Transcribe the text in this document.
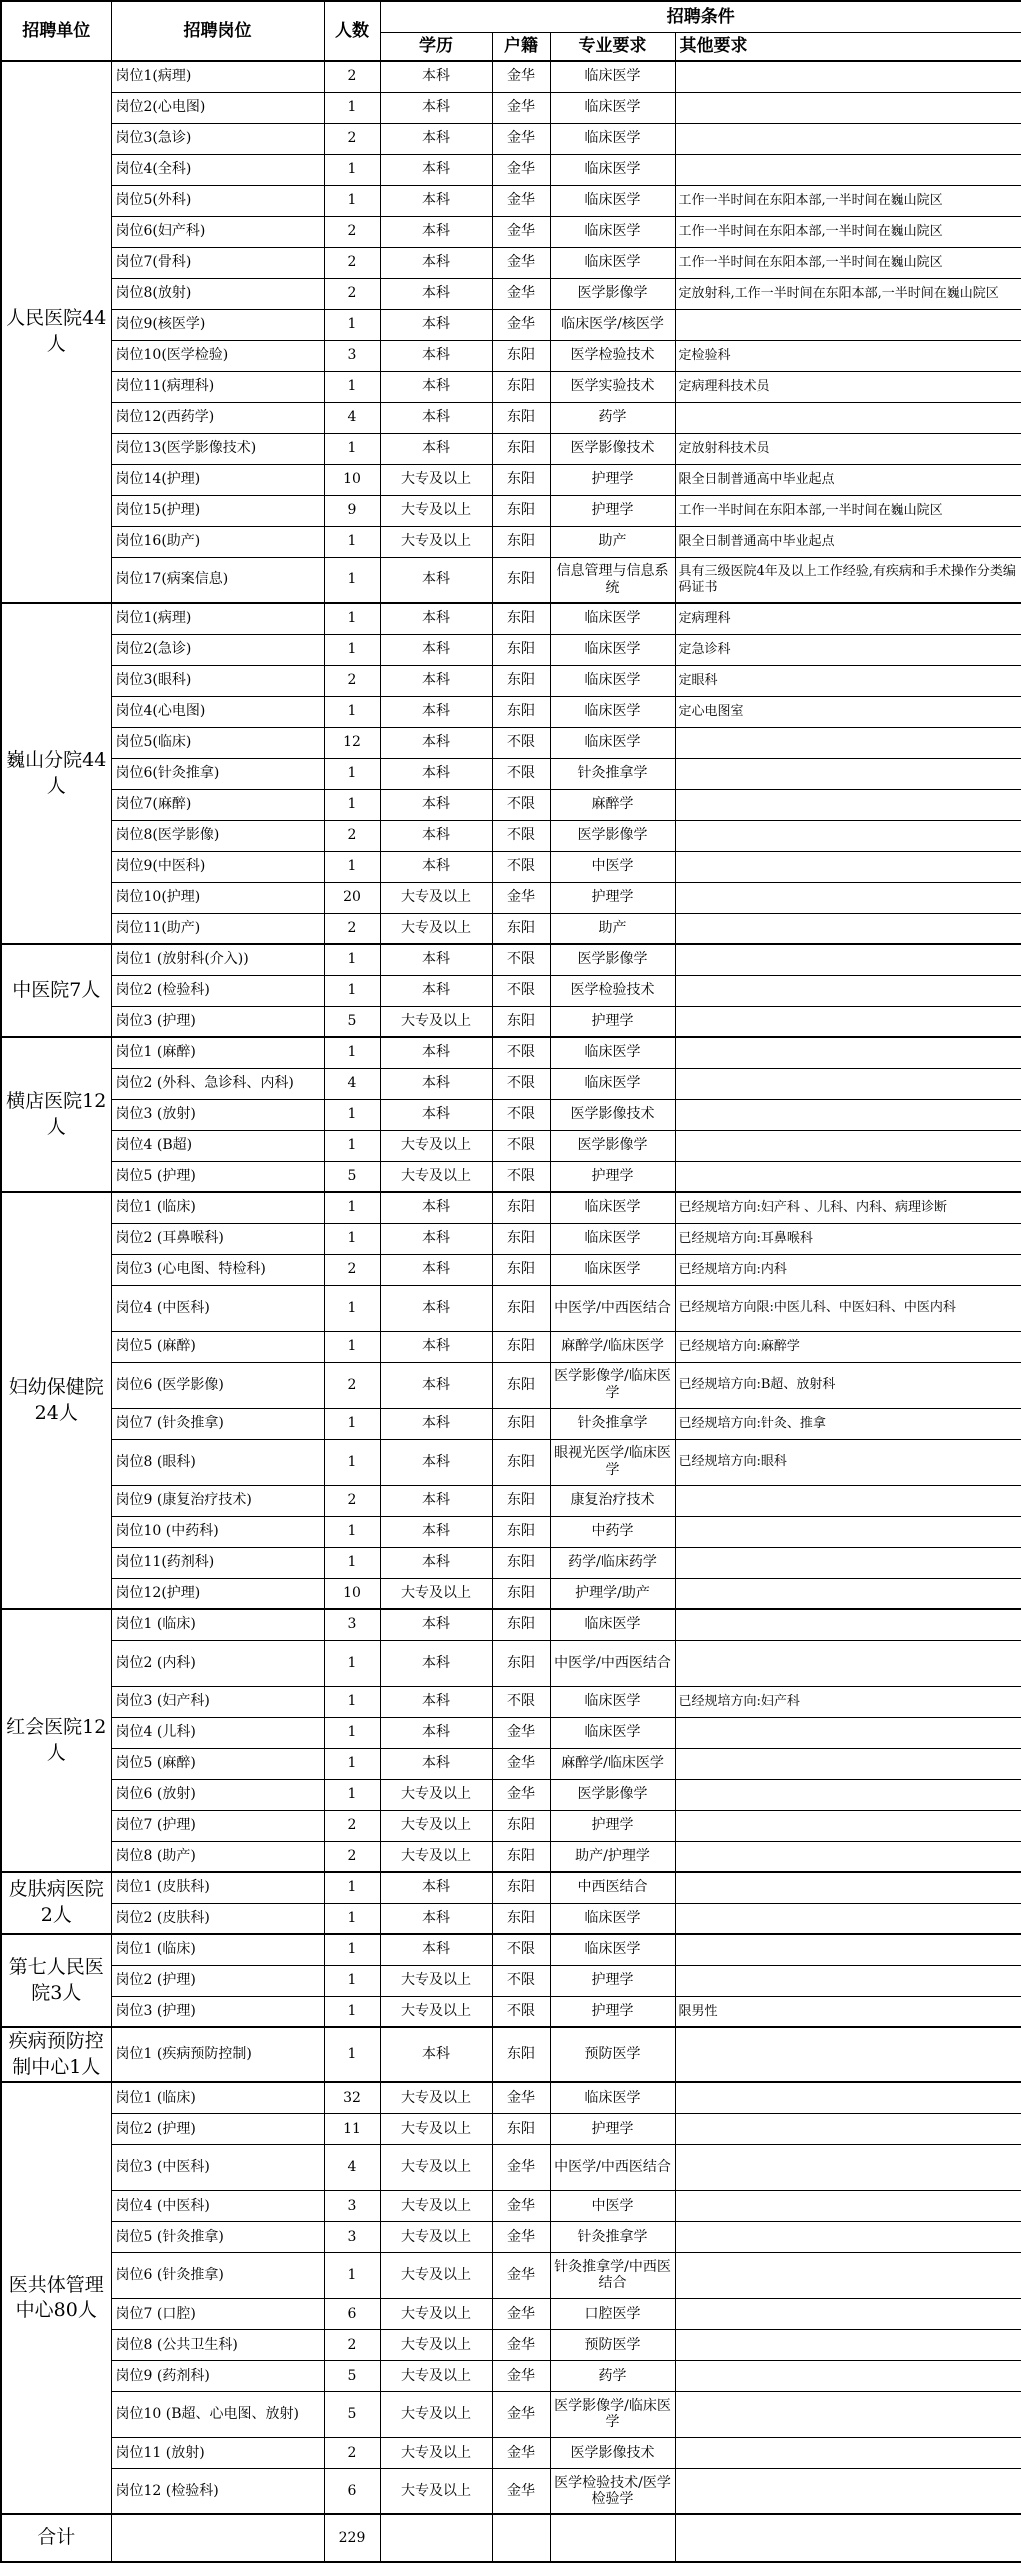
招聘单位	招聘岗位	人数	招聘条件			
			学历	户籍	专业要求	其他要求
人民医院44人	岗位1(病理)	2	本科	金华	临床医学	
	岗位2(心电图)	1	本科	金华	临床医学	
	岗位3(急诊)	2	本科	金华	临床医学	
	岗位4(全科)	1	本科	金华	临床医学	
	岗位5(外科)	1	本科	金华	临床医学	工作一半时间在东阳本部,一半时间在巍山院区
	岗位6(妇产科)	2	本科	金华	临床医学	工作一半时间在东阳本部,一半时间在巍山院区
	岗位7(骨科)	2	本科	金华	临床医学	工作一半时间在东阳本部,一半时间在巍山院区
	岗位8(放射)	2	本科	金华	医学影像学	定放射科,工作一半时间在东阳本部,一半时间在巍山院区
	岗位9(核医学)	1	本科	金华	临床医学/核医学	
	岗位10(医学检验)	3	本科	东阳	医学检验技术	定检验科
	岗位11(病理科)	1	本科	东阳	医学实验技术	定病理科技术员
	岗位12(西药学)	4	本科	东阳	药学	
	岗位13(医学影像技术)	1	本科	东阳	医学影像技术	定放射科技术员
	岗位14(护理)	10	大专及以上	东阳	护理学	限全日制普通高中毕业起点
	岗位15(护理)	9	大专及以上	东阳	护理学	工作一半时间在东阳本部,一半时间在巍山院区
	岗位16(助产)	1	大专及以上	东阳	助产	限全日制普通高中毕业起点
	岗位17(病案信息)	1	本科	东阳	信息管理与信息系统	具有三级医院4年及以上工作经验,有疾病和手术操作分类编码证书
巍山分院44人	岗位1(病理)	1	本科	东阳	临床医学	定病理科
	岗位2(急诊)	1	本科	东阳	临床医学	定急诊科
	岗位3(眼科)	2	本科	东阳	临床医学	定眼科
	岗位4(心电图)	1	本科	东阳	临床医学	定心电图室
	岗位5(临床)	12	本科	不限	临床医学	
	岗位6(针灸推拿)	1	本科	不限	针灸推拿学	
	岗位7(麻醉)	1	本科	不限	麻醉学	
	岗位8(医学影像)	2	本科	不限	医学影像学	
	岗位9(中医科)	1	本科	不限	中医学	
	岗位10(护理)	20	大专及以上	金华	护理学	
	岗位11(助产)	2	大专及以上	东阳	助产	
中医院7人	岗位1 (放射科(介入))	1	本科	不限	医学影像学	
	岗位2 (检验科)	1	本科	不限	医学检验技术	
	岗位3 (护理)	5	大专及以上	东阳	护理学	
横店医院12人	岗位1 (麻醉)	1	本科	不限	临床医学	
	岗位2 (外科、急诊科、内科)	4	本科	不限	临床医学	
	岗位3 (放射)	1	本科	不限	医学影像技术	
	岗位4 (B超)	1	大专及以上	不限	医学影像学	
	岗位5 (护理)	5	大专及以上	不限	护理学	
妇幼保健院24人	岗位1 (临床)	1	本科	东阳	临床医学	已经规培方向:妇产科 、儿科、内科、病理诊断
	岗位2 (耳鼻喉科)	1	本科	东阳	临床医学	已经规培方向:耳鼻喉科
	岗位3 (心电图、特检科)	2	本科	东阳	临床医学	已经规培方向:内科
	岗位4 (中医科)	1	本科	东阳	中医学/中西医结合	已经规培方向限:中医儿科、中医妇科、中医内科
	岗位5 (麻醉)	1	本科	东阳	麻醉学/临床医学	已经规培方向:麻醉学
	岗位6 (医学影像)	2	本科	东阳	医学影像学/临床医学	已经规培方向:B超、放射科
	岗位7 (针灸推拿)	1	本科	东阳	针灸推拿学	已经规培方向:针灸、推拿
	岗位8 (眼科)	1	本科	东阳	眼视光医学/临床医学	已经规培方向:眼科
	岗位9 (康复治疗技术)	2	本科	东阳	康复治疗技术	
	岗位10 (中药科)	1	本科	东阳	中药学	
	岗位11(药剂科)	1	本科	东阳	药学/临床药学	
	岗位12(护理)	10	大专及以上	东阳	护理学/助产	
红会医院12人	岗位1 (临床)	3	本科	东阳	临床医学	
	岗位2 (内科)	1	本科	东阳	中医学/中西医结合	
	岗位3 (妇产科)	1	本科	不限	临床医学	已经规培方向:妇产科
	岗位4 (儿科)	1	本科	金华	临床医学	
	岗位5 (麻醉)	1	本科	金华	麻醉学/临床医学	
	岗位6 (放射)	1	大专及以上	金华	医学影像学	
	岗位7 (护理)	2	大专及以上	东阳	护理学	
	岗位8 (助产)	2	大专及以上	东阳	助产/护理学	
皮肤病医院2人	岗位1 (皮肤科)	1	本科	东阳	中西医结合	
	岗位2 (皮肤科)	1	本科	东阳	临床医学	
第七人民医院3人	岗位1 (临床)	1	本科	不限	临床医学	
	岗位2 (护理)	1	大专及以上	不限	护理学	
	岗位3 (护理)	1	大专及以上	不限	护理学	限男性
疾病预防控制中心1人	岗位1 (疾病预防控制)	1	本科	东阳	预防医学	
医共体管理中心80人	岗位1 (临床)	32	大专及以上	金华	临床医学	
	岗位2 (护理)	11	大专及以上	东阳	护理学	
	岗位3 (中医科)	4	大专及以上	金华	中医学/中西医结合	
	岗位4 (中医科)	3	大专及以上	金华	中医学	
	岗位5 (针灸推拿)	3	大专及以上	金华	针灸推拿学	
	岗位6 (针灸推拿)	1	大专及以上	金华	针灸推拿学/中西医结合	
	岗位7 (口腔)	6	大专及以上	金华	口腔医学	
	岗位8 (公共卫生科)	2	大专及以上	金华	预防医学	
	岗位9 (药剂科)	5	大专及以上	金华	药学	
	岗位10 (B超、心电图、放射)	5	大专及以上	金华	医学影像学/临床医学	
	岗位11 (放射)	2	大专及以上	金华	医学影像技术	
	岗位12 (检验科)	6	大专及以上	金华	医学检验技术/医学检验学	
合计		229				
